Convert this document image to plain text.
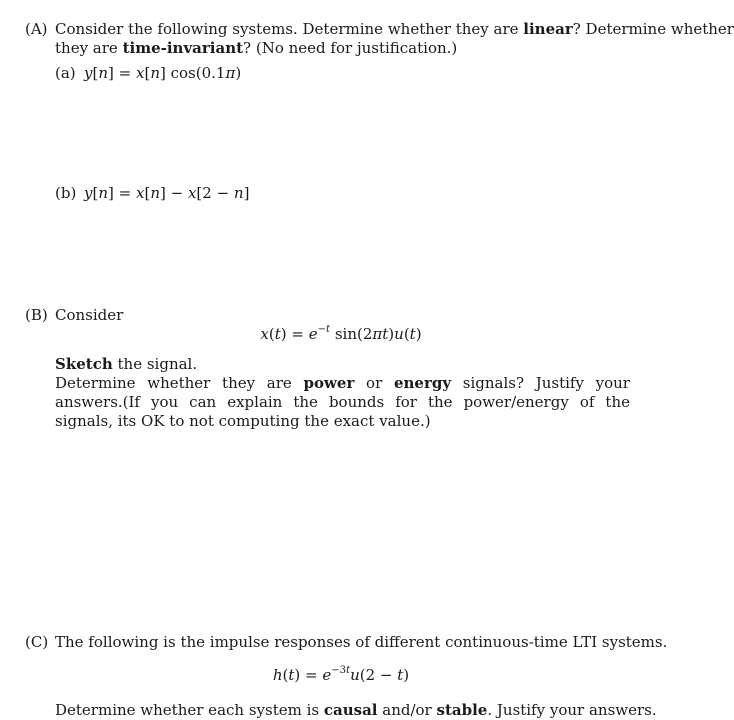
(A) Consider the following systems. Determine whether they are linear? Determine whether
they are time-invariant? (No need for justification.)
(a) y[n] = x[n] cos(0.1π)
(b) y[n] = x[n] − x[2 − n]
(B) Consider
$x(t) = e^{-t}$ sin(2πt)u(t)
Sketch the signal.
Determine whether they are power or energy signals? Justify your answers.(If you can explain the bounds for the power/energy of the signals, its OK to not computing the exact value.)
(C) The following is the impulse responses of different continuous-time LTI systems.
$h(t) = e^{-3t}u(2 - t)$
Determine whether each system is causal and/or stable. Justify your answers.
